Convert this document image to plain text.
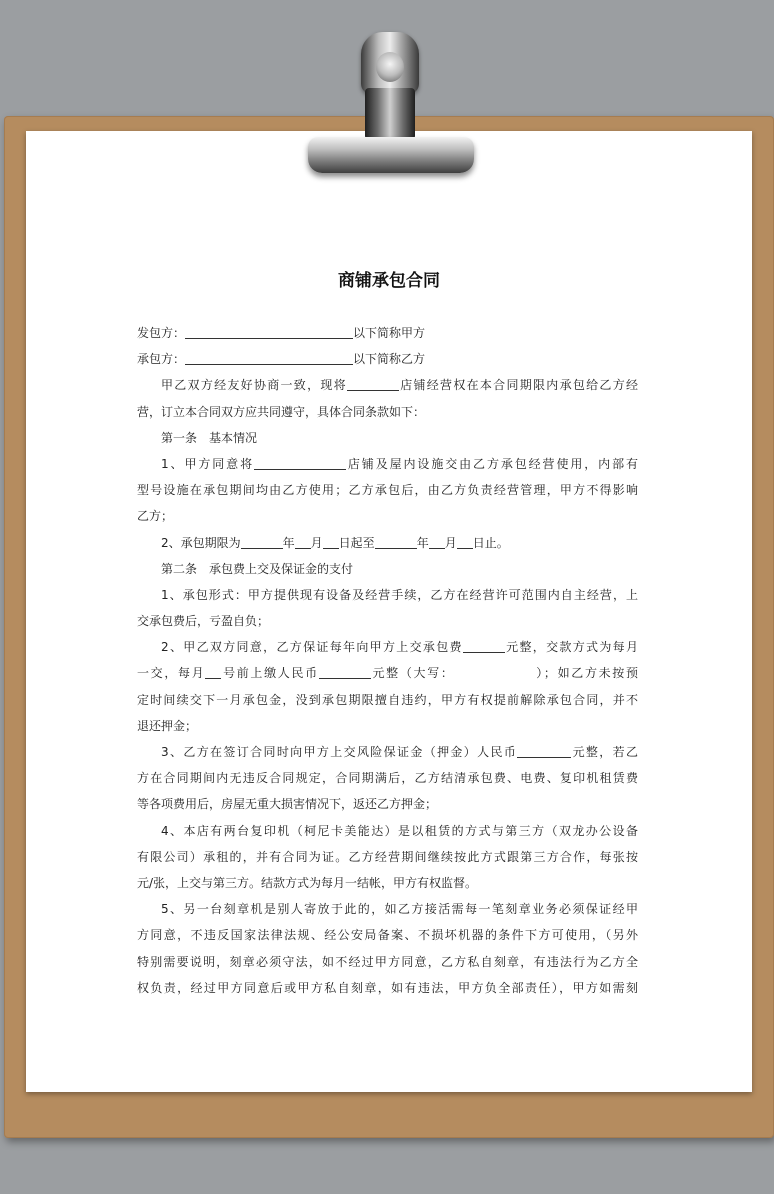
商铺承包合同
发包方：	以下简称甲方
承包方：	以下简称乙方
甲乙双方经友好协商一致，现将	店铺经营权在本合同期限内承包给乙方经
营，订立本合同双方应共同遵守，具体合同条款如下：
第一条　基本情况
1、甲方同意将	店铺及屋内设施交由乙方承包经营使用，内部有
型号设施在承包期间均由乙方使用；乙方承包后，由乙方负责经营管理，甲方不得影响
乙方；
2、承包期限为	年 月 日起至	年 月 日止。
第二条　承包费上交及保证金的支付
1、承包形式：甲方提供现有设备及经营手续，乙方在经营许可范围内自主经营，上
交承包费后，亏盈自负；
2、甲乙双方同意，乙方保证每年向甲方上交承包费	元整，交款方式为每月
一交，每月 号前上缴人民币	元整（大写：	）；如乙方未按预
定时间续交下一月承包金，没到承包期限擅自违约，甲方有权提前解除承包合同，并不
退还押金；
3、乙方在签订合同时向甲方上交风险保证金（押金）人民币	元整，若乙
方在合同期间内无违反合同规定，合同期满后，乙方结清承包费、电费、复印机租赁费
等各项费用后，房屋无重大损害情况下，返还乙方押金；
4、本店有两台复印机（柯尼卡美能达）是以租赁的方式与第三方（双龙办公设备
有限公司）承租的，并有合同为证。乙方经营期间继续按此方式跟第三方合作，每张按
元/张，上交与第三方。结款方式为每月一结帐，甲方有权监督。
5、另一台刻章机是别人寄放于此的，如乙方接活需每一笔刻章业务必须保证经甲
方同意，不违反国家法律法规、经公安局备案、不损坏机器的条件下方可使用，（另外
特别需要说明，刻章必须守法，如不经过甲方同意，乙方私自刻章，有违法行为乙方全
权负责，经过甲方同意后或甲方私自刻章，如有违法，甲方负全部责任），甲方如需刻
